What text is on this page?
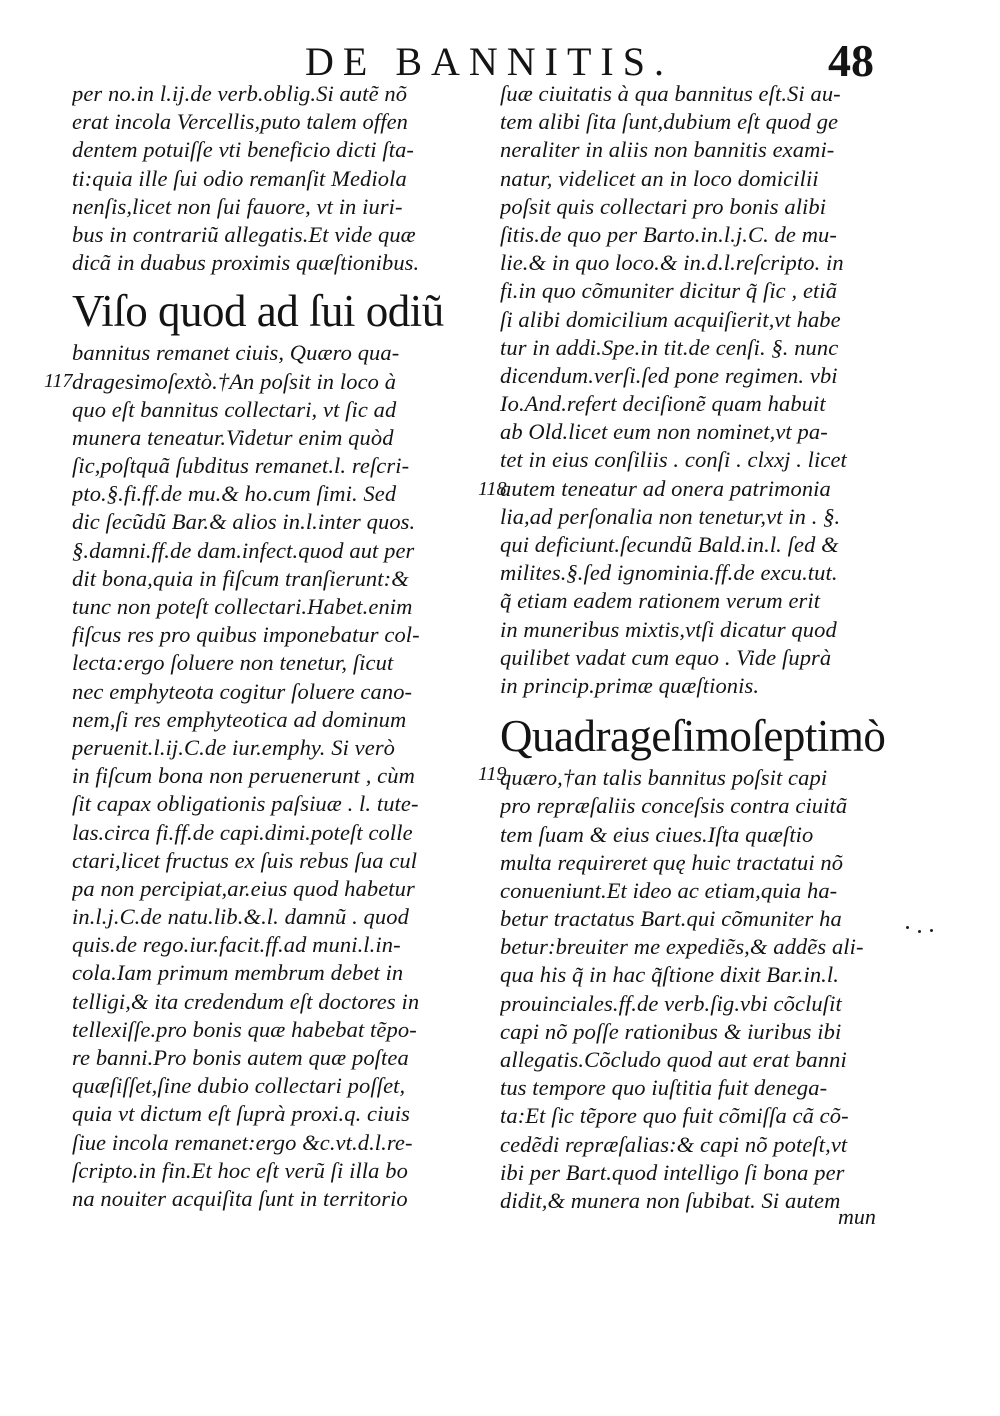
DE BANNITIS.	48
per no.in l.ij.de verb.oblig.Si autẽ nõ
erat incola Vercellis,puto talem offen
dentem potuiſſe vti beneficio dicti ſta-
ti:quia ille ſui odio remanſit Mediola
nenſis,licet non ſui fauore, vt in iuri-
bus in contrariũ allegatis.Et vide quæ
dicã in duabus proximis quæſtionibus.
Viſo quod ad ſui odiũ
bannitus remanet ciuis, Quæro qua-
dragesimoſextò.†An poſsit in loco à
quo eſt bannitus collectari, vt ſic ad
munera teneatur.Videtur enim quòd
ſic,poſtquã ſubditus remanet.l. reſcri-
pto.§.fi.ff.de mu.& ho.cum ſimi. Sed
dic ſecũdũ Bar.& alios in.l.inter quos.
§.damni.ff.de dam.infect.quod aut per
dit bona,quia in fiſcum tranſierunt:&
tunc non poteſt collectari.Habet.enim
fiſcus res pro quibus imponebatur col-
lecta:ergo ſoluere non tenetur, ſicut
nec emphyteota cogitur ſoluere cano-
nem,ſi res emphyteotica ad dominum
peruenit.l.ij.C.de iur.emphy. Si verò
in fiſcum bona non peruenerunt , cùm
ſit capax obligationis paſsiuæ . l. tute-
las.circa fi.ff.de capi.dimi.poteſt colle
ctari,licet fructus ex ſuis rebus ſua cul
pa non percipiat,ar.eius quod habetur
in.l.j.C.de natu.lib.&.l. damnũ . quod
quis.de rego.iur.facit.ff.ad muni.l.in-
cola.Iam primum membrum debet in
telligi,& ita credendum eſt doctores in
tellexiſſe.pro bonis quæ habebat tẽpo-
re banni.Pro bonis autem quæ poſtea
quæſiſſet,ſine dubio collectari poſſet,
quia vt dictum eſt ſuprà proxi.q. ciuis
ſiue incola remanet:ergo &c.vt.d.l.re-
ſcripto.in fin.Et hoc eſt verũ ſi illa bo
na nouiter acquiſita ſunt in territorio
117
ſuæ ciuitatis à qua bannitus eſt.Si au-
tem alibi ſita ſunt,dubium eſt quod ge
neraliter in aliis non bannitis exami-
natur, videlicet an in loco domicilii
poſsit quis collectari pro bonis alibi
ſitis.de quo per Barto.in.l.j.C. de mu-
lie.& in quo loco.& in.d.l.reſcripto. in
fi.in quo cõmuniter dicitur q̃ ſic , etiã
ſi alibi domicilium acquiſierit,vt habe
tur in addi.Spe.in tit.de cenſi. §. nunc
dicendum.verſi.ſed pone regimen. vbi
Io.And.refert deciſionẽ quam habuit
ab Old.licet eum non nominet,vt pa-
tet in eius conſiliis . conſi . clxxj . licet
autem teneatur ad onera patrimonia
lia,ad perſonalia non tenetur,vt in . §.
qui deficiunt.ſecundũ Bald.in.l. ſed &
milites.§.ſed ignominia.ff.de excu.tut.
q̃ etiam eadem rationem verum erit
in muneribus mixtis,vtſi dicatur quod
quilibet vadat cum equo . Vide ſuprà
in princip.primæ quæſtionis.
Quadrageſimoſeptimò
quæro,†an talis bannitus poſsit capi
pro repræſaliis conceſsis contra ciuitã
tem ſuam & eius ciues.Iſta quæſtio
multa requireret quę huic tractatui nõ
conueniunt.Et ideo ac etiam,quia ha-
betur tractatus Bart.qui cõmuniter ha
betur:breuiter me expediẽs,& addẽs ali-
qua his q̃ in hac q̃ſtione dixit Bar.in.l.
prouinciales.ff.de verb.ſig.vbi cõcluſit
capi nõ poſſe rationibus & iuribus ibi
allegatis.Cõcludo quod aut erat banni
tus tempore quo iuſtitia fuit denega-
ta:Et ſic tẽpore quo fuit cõmiſſa cã cõ-
cedẽdi repræſalias:& capi nõ poteſt,vt
ibi per Bart.quod intelligo ſi bona per
didit,& munera non ſubibat. Si autem
118
119
mun
